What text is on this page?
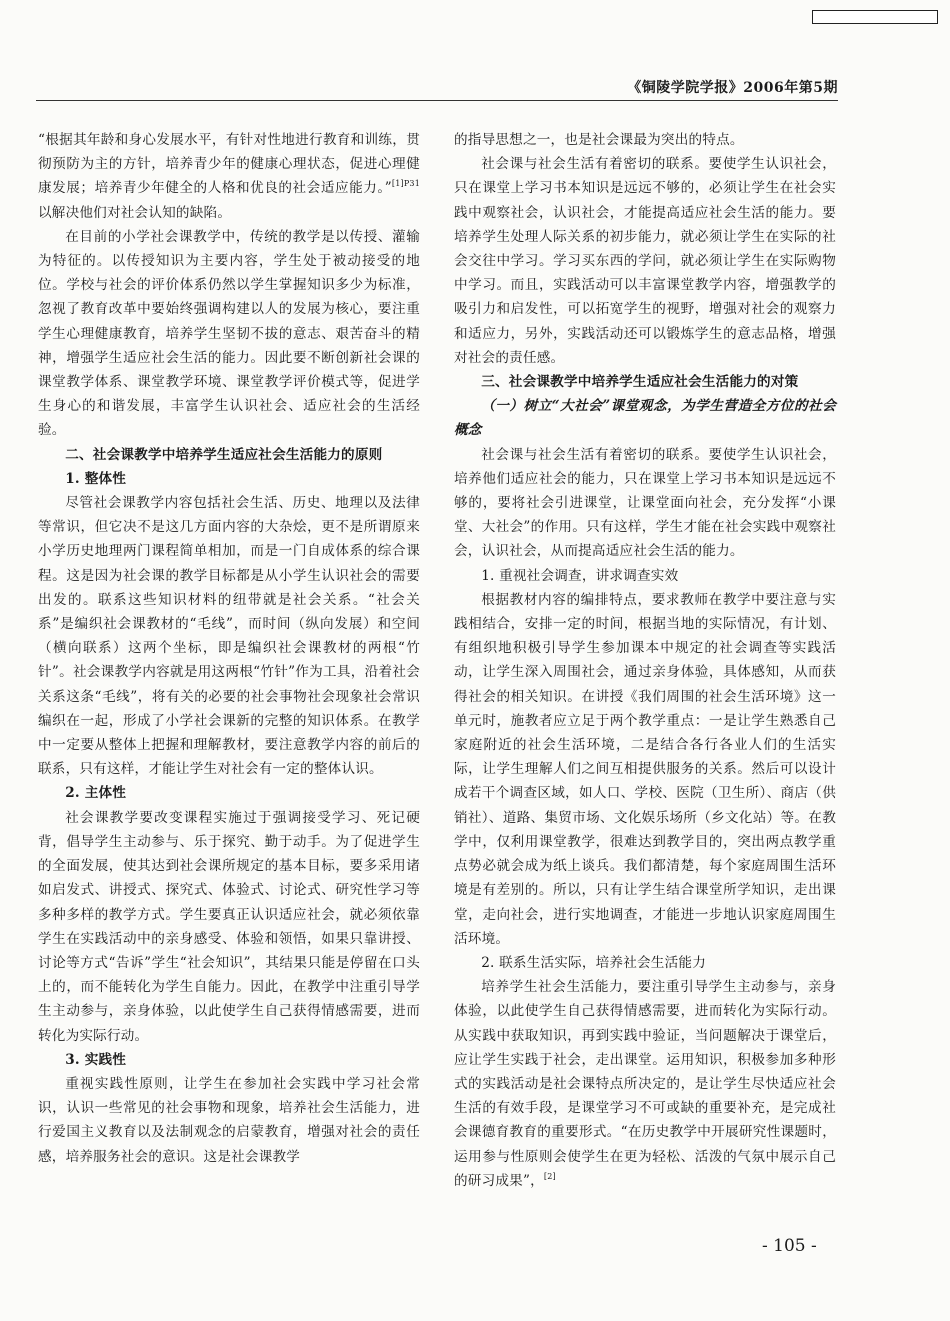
《铜陵学院学报》2006年第5期

“根据其年龄和身心发展水平，有针对性地进行教育和训练，贯彻预防为主的方针，培养青少年的健康心理状态，促进心理健康发展；培养青少年健全的人格和优良的社会适应能力。”$^{[1]P31}$以解决他们对社会认知的缺陷。

在目前的小学社会课教学中，传统的教学是以传授、灌输为特征的。以传授知识为主要内容，学生处于被动接受的地位。学校与社会的评价体系仍然以学生掌握知识多少为标准，忽视了教育改革中要始终强调构建以人的发展为核心，要注重学生心理健康教育，培养学生坚韧不拔的意志、艰苦奋斗的精神，增强学生适应社会生活的能力。因此要不断创新社会课的课堂教学体系、课堂教学环境、课堂教学评价模式等，促进学生身心的和谐发展，丰富学生认识社会、适应社会的生活经验。

二、社会课教学中培养学生适应社会生活能力的原则

1. 整体性

尽管社会课教学内容包括社会生活、历史、地理以及法律等常识，但它决不是这几方面内容的大杂烩，更不是所谓原来小学历史地理两门课程简单相加，而是一门自成体系的综合课程。这是因为社会课的教学目标都是从小学生认识社会的需要出发的。联系这些知识材料的纽带就是社会关系。“社会关系”是编织社会课教材的“毛线”，而时间（纵向发展）和空间（横向联系）这两个坐标，即是编织社会课教材的两根“竹针”。社会课教学内容就是用这两根“竹针”作为工具，沿着社会关系这条“毛线”，将有关的必要的社会事物社会现象社会常识编织在一起，形成了小学社会课新的完整的知识体系。在教学中一定要从整体上把握和理解教材，要注意教学内容的前后的联系，只有这样，才能让学生对社会有一定的整体认识。

2. 主体性

社会课教学要改变课程实施过于强调接受学习、死记硬背，倡导学生主动参与、乐于探究、勤于动手。为了促进学生的全面发展，使其达到社会课所规定的基本目标，要多采用诸如启发式、讲授式、探究式、体验式、讨论式、研究性学习等多种多样的教学方式。学生要真正认识适应社会，就必须依靠学生在实践活动中的亲身感受、体验和领悟，如果只靠讲授、讨论等方式“告诉”学生“社会知识”，其结果只能是停留在口头上的，而不能转化为学生自能力。因此，在教学中注重引导学生主动参与，亲身体验，以此使学生自己获得情感需要，进而转化为实际行动。

3. 实践性

重视实践性原则，让学生在参加社会实践中学习社会常识，认识一些常见的社会事物和现象，培养社会生活能力，进行爱国主义教育以及法制观念的启蒙教育，增强对社会的责任感，培养服务社会的意识。这是社会课教学

的指导思想之一，也是社会课最为突出的特点。

社会课与社会生活有着密切的联系。要使学生认识社会，只在课堂上学习书本知识是远远不够的，必须让学生在社会实践中观察社会，认识社会，才能提高适应社会生活的能力。要培养学生处理人际关系的初步能力，就必须让学生在实际的社会交往中学习。学习买东西的学问，就必须让学生在实际购物中学习。而且，实践活动可以丰富课堂教学内容，增强教学的吸引力和启发性，可以拓宽学生的视野，增强对社会的观察力和适应力，另外，实践活动还可以锻炼学生的意志品格，增强对社会的责任感。

三、社会课教学中培养学生适应社会生活能力的对策

（一）树立“大社会”课堂观念，为学生营造全方位的社会概念

社会课与社会生活有着密切的联系。要使学生认识社会，培养他们适应社会的能力，只在课堂上学习书本知识是远远不够的，要将社会引进课堂，让课堂面向社会，充分发挥“小课堂、大社会”的作用。只有这样，学生才能在社会实践中观察社会，认识社会，从而提高适应社会生活的能力。

1. 重视社会调查，讲求调查实效

根据教材内容的编排特点，要求教师在教学中要注意与实践相结合，安排一定的时间，根据当地的实际情况，有计划、有组织地积极引导学生参加课本中规定的社会调查等实践活动，让学生深入周围社会，通过亲身体验，具体感知，从而获得社会的相关知识。在讲授《我们周围的社会生活环境》这一单元时，施教者应立足于两个教学重点：一是让学生熟悉自己家庭附近的社会生活环境，二是结合各行各业人们的生活实际，让学生理解人们之间互相提供服务的关系。然后可以设计成若干个调查区域，如人口、学校、医院（卫生所）、商店（供销社）、道路、集贸市场、文化娱乐场所（乡文化站）等。在教学中，仅利用课堂教学，很难达到教学目的，突出两点教学重点势必就会成为纸上谈兵。我们都清楚，每个家庭周围生活环境是有差别的。所以，只有让学生结合课堂所学知识，走出课堂，走向社会，进行实地调查，才能进一步地认识家庭周围生活环境。

2. 联系生活实际，培养社会生活能力

培养学生社会生活能力，要注重引导学生主动参与，亲身体验，以此使学生自己获得情感需要，进而转化为实际行动。从实践中获取知识，再到实践中验证，当问题解决于课堂后，应让学生实践于社会，走出课堂。运用知识，积极参加多种形式的实践活动是社会课特点所决定的，是让学生尽快适应社会生活的有效手段，是课堂学习不可或缺的重要补充，是完成社会课德育教育的重要形式。“在历史教学中开展研究性课题时，运用参与性原则会使学生在更为轻松、活泼的气氛中展示自己的研习成果”，[2]

- 105 -
